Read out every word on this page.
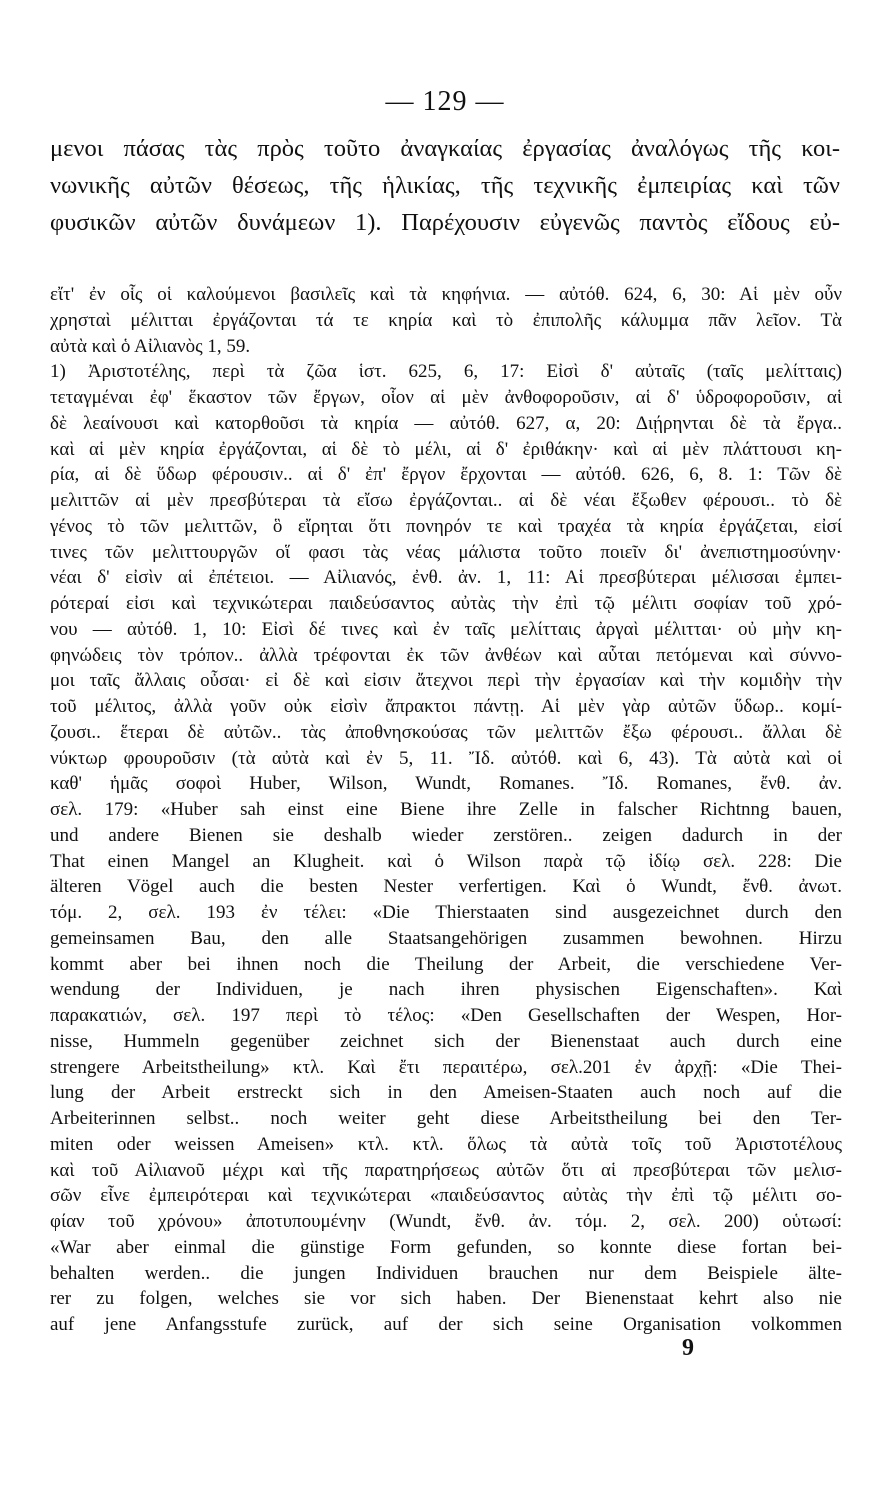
— 129 —
μενοι πάσας τὰς πρὸς τοῦτο ἀναγκαίας ἐργασίας ἀναλόγως τῆς κοι-
νωνικῆς αὐτῶν θέσεως, τῆς ἡλικίας, τῆς τεχνικῆς ἐμπειρίας καὶ τῶν
φυσικῶν αὐτῶν δυνάμεων 1). Παρέχουσιν εὐγενῶς παντὸς εἴδους εὐ-
εἴτ' ἐν οἷς οἱ καλούμενοι βασιλεῖς καὶ τὰ κηφήνια. — αὐτόθ. 624, 6, 30: Αἱ μὲν οὖν
χρησταὶ μέλιτται ἐργάζονται τά τε κηρία καὶ τὸ ἐπιπολῆς κάλυμμα πᾶν λεῖον. Τὰ
αὐτὰ καὶ ὁ Αἰλιανὸς 1, 59.
1) Ἀριστοτέλης, περὶ τὰ ζῶα ἱστ. 625, 6, 17: Εἰσὶ δ' αὐταῖς (ταῖς μελίτταις)
τεταγμέναι ἐφ' ἕκαστον τῶν ἔργων, οἷον αἱ μὲν ἀνθοφοροῦσιν, αἱ δ' ὑδροφοροῦσιν, αἱ
δὲ λεαίνουσι καὶ κατορθοῦσι τὰ κηρία — αὐτόθ. 627, α, 20: Διῄρηνται δὲ τὰ ἔργα..
καὶ αἱ μὲν κηρία ἐργάζονται, αἱ δὲ τὸ μέλι, αἱ δ' ἐριθάκην· καὶ αἱ μὲν πλάττουσι κη-
ρία, αἱ δὲ ὕδωρ φέρουσιν.. αἱ δ' ἐπ' ἔργον ἔρχονται — αὐτόθ. 626, 6, 8. 1: Τῶν δὲ
μελιττῶν αἱ μὲν πρεσβύτεραι τὰ εἴσω ἐργάζονται.. αἱ δὲ νέαι ἔξωθεν φέρουσι.. τὸ δὲ
γένος τὸ τῶν μελιττῶν, ὃ εἴρηται ὅτι πονηρόν τε καὶ τραχέα τὰ κηρία ἐργάζεται, εἰσί
τινες τῶν μελιττουργῶν οἵ φασι τὰς νέας μάλιστα τοῦτο ποιεῖν δι' ἀνεπιστημοσύνην·
νέαι δ' εἰσὶν αἱ ἐπέτειοι. — Αἰλιανός, ἐνθ. ἀν. 1, 11: Αἱ πρεσβύτεραι μέλισσαι ἐμπει-
ρότεραί εἰσι καὶ τεχνικώτεραι παιδεύσαντος αὐτὰς τὴν ἐπὶ τῷ μέλιτι σοφίαν τοῦ χρό-
νου — αὐτόθ. 1, 10: Εἰσὶ δέ τινες καὶ ἐν ταῖς μελίτταις ἀργαὶ μέλιτται· οὐ μὴν κη-
φηνώδεις τὸν τρόπον.. ἀλλὰ τρέφονται ἐκ τῶν ἀνθέων καὶ αὗται πετόμεναι καὶ σύννο-
μοι ταῖς ἄλλαις οὖσαι· εἰ δὲ καὶ εἰσιν ἄτεχνοι περὶ τὴν ἐργασίαν καὶ τὴν κομιδὴν τὴν
τοῦ μέλιτος, ἀλλὰ γοῦν οὐκ εἰσὶν ἄπρακτοι πάντῃ. Αἱ μὲν γὰρ αὐτῶν ὕδωρ.. κομί-
ζουσι.. ἕτεραι δὲ αὐτῶν.. τὰς ἀποθνησκούσας τῶν μελιττῶν ἔξω φέρουσι.. ἄλλαι δὲ
νύκτωρ φρουροῦσιν (τὰ αὐτὰ καὶ ἐν 5, 11. Ἴδ. αὐτόθ. καὶ 6, 43). Τὰ αὐτὰ καὶ οἱ
καθ' ἡμᾶς σοφοὶ Huber, Wilson, Wundt, Romanes. Ἴδ. Romanes, ἔνθ. ἀν.
σελ. 179: «Huber sah einst eine Biene ihre Zelle in falscher Richtnng bauen,
und andere Bienen sie deshalb wieder zerstören.. zeigen dadurch in der
That einen Mangel an Klugheit. καὶ ὁ Wilson παρὰ τῷ ἰδίῳ σελ. 228: Die
älteren Vögel auch die besten Nester verfertigen. Καὶ ὁ Wundt, ἔνθ. ἀνωτ.
τόμ. 2, σελ. 193 ἐν τέλει: «Die Thierstaaten sind ausgezeichnet durch den
gemeinsamen Bau, den alle Staatsangehörigen zusammen bewohnen. Hirzu
kommt aber bei ihnen noch die Theilung der Arbeit, die verschiedene Ver-
wendung der Individuen, je nach ihren physischen Eigenschaften». Καὶ
παρακατιών, σελ. 197 περὶ τὸ τέλος: «Den Gesellschaften der Wespen, Hor-
nisse, Hummeln gegenüber zeichnet sich der Bienenstaat auch durch eine
strengere Arbeitstheilung» κτλ. Καὶ ἔτι περαιτέρω, σελ.201 ἐν ἀρχῇ: «Die Thei-
lung der Arbeit erstreckt sich in den Ameisen-Staaten auch noch auf die
Arbeiterinnen selbst.. noch weiter geht diese Arbeitstheilung bei den Ter-
miten oder weissen Ameisen» κτλ. κτλ. ὅλως τὰ αὐτὰ τοῖς τοῦ Ἀριστοτέλους
καὶ τοῦ Αἰλιανοῦ μέχρι καὶ τῆς παρατηρήσεως αὐτῶν ὅτι αἱ πρεσβύτεραι τῶν μελισ-
σῶν εἶνε ἐμπειρότεραι καὶ τεχνικώτεραι «παιδεύσαντος αὐτὰς τὴν ἐπὶ τῷ μέλιτι σο-
φίαν τοῦ χρόνου» ἀποτυπουμένην (Wundt, ἔνθ. ἀν. τόμ. 2, σελ. 200) οὑτωσί:
«War aber einmal die günstige Form gefunden, so konnte diese fortan bei-
behalten werden.. die jungen Individuen brauchen nur dem Beispiele älte-
rer zu folgen, welches sie vor sich haben. Der Bienenstaat kehrt also nie
auf jene Anfangsstufe zurück, auf der sich seine Organisation volkommen
9
